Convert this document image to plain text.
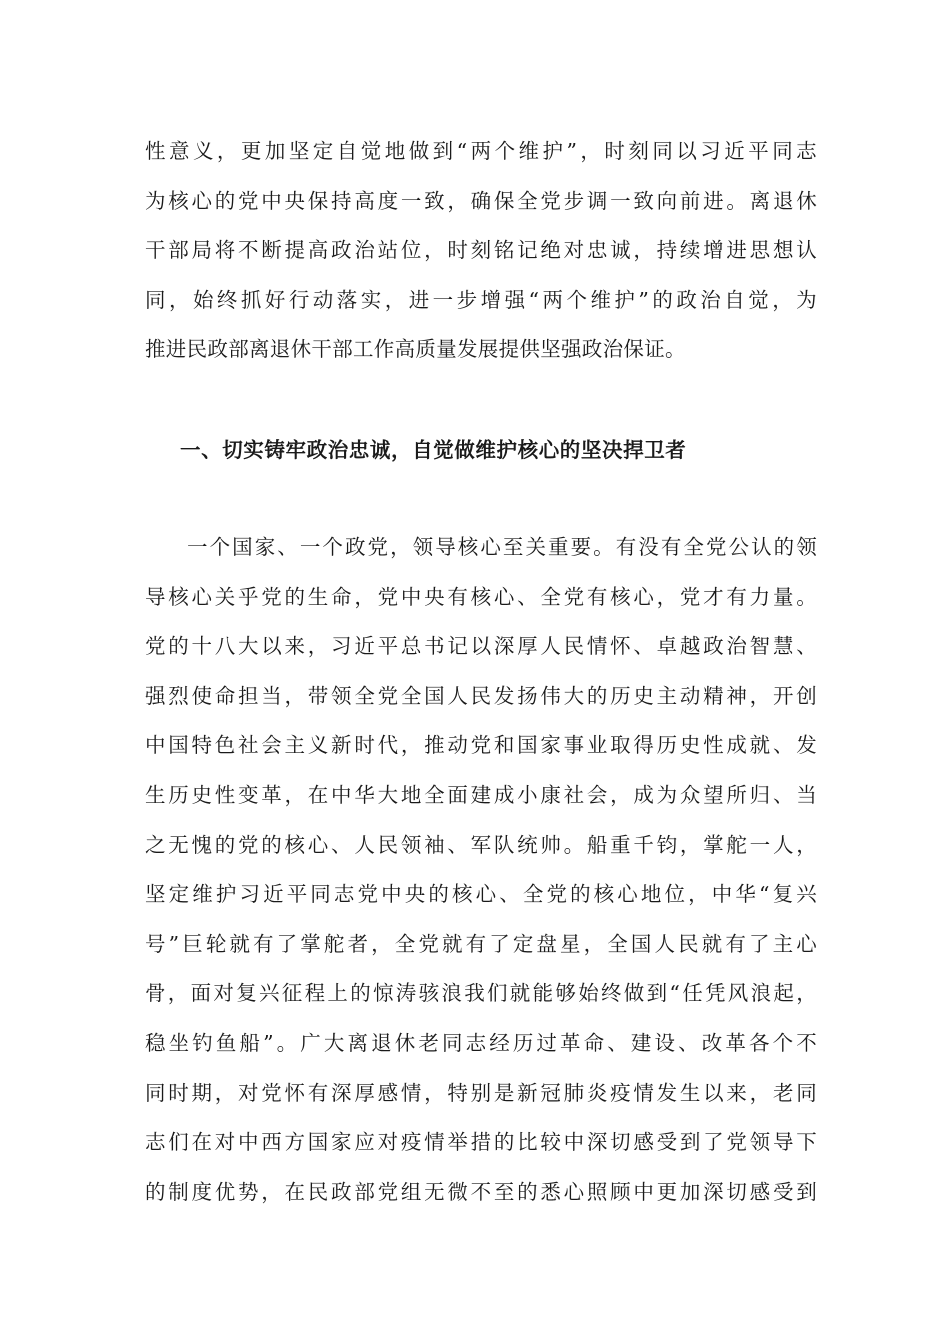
性意义，更加坚定自觉地做到“两个维护”，时刻同以习近平同志
为核心的党中央保持高度一致，确保全党步调一致向前进。离退休
干部局将不断提高政治站位，时刻铭记绝对忠诚，持续增进思想认
同，始终抓好行动落实，进一步增强“两个维护”的政治自觉，为
推进民政部离退休干部工作高质量发展提供坚强政治保证。
一、切实铸牢政治忠诚，自觉做维护核心的坚决捍卫者
一个国家、一个政党，领导核心至关重要。有没有全党公认的领
导核心关乎党的生命，党中央有核心、全党有核心，党才有力量。
党的十八大以来，习近平总书记以深厚人民情怀、卓越政治智慧、
强烈使命担当，带领全党全国人民发扬伟大的历史主动精神，开创
中国特色社会主义新时代，推动党和国家事业取得历史性成就、发
生历史性变革，在中华大地全面建成小康社会，成为众望所归、当
之无愧的党的核心、人民领袖、军队统帅。船重千钧，掌舵一人，
坚定维护习近平同志党中央的核心、全党的核心地位，中华“复兴
号”巨轮就有了掌舵者，全党就有了定盘星，全国人民就有了主心
骨，面对复兴征程上的惊涛骇浪我们就能够始终做到“任凭风浪起，
稳坐钓鱼船”。广大离退休老同志经历过革命、建设、改革各个不
同时期，对党怀有深厚感情，特别是新冠肺炎疫情发生以来，老同
志们在对中西方国家应对疫情举措的比较中深切感受到了党领导下
的制度优势，在民政部党组无微不至的悉心照顾中更加深切感受到
